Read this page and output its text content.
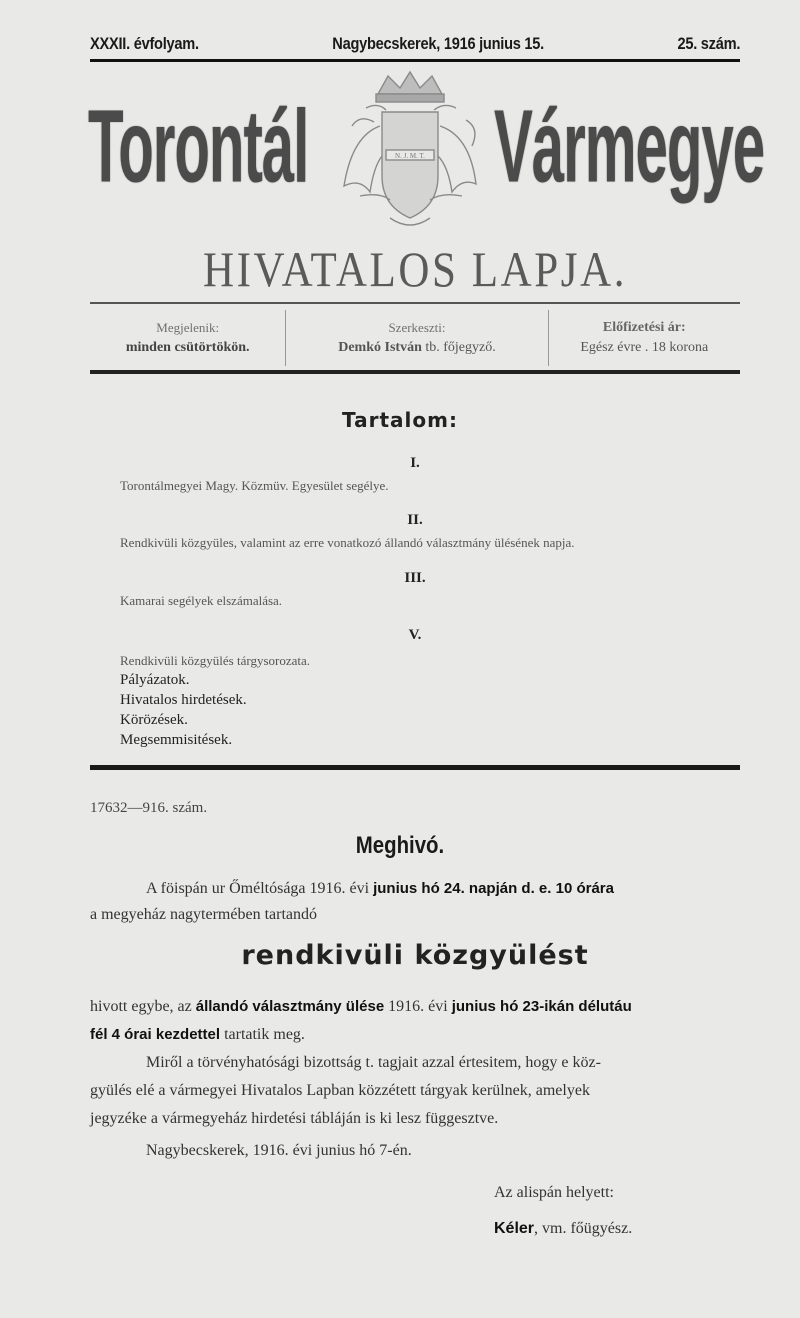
XXXII. évfolyam.	Nagybecskerek, 1916 junius 15.	25. szám.
Torontál Vármegye
N. J. M. T.
HIVATALOS LAPJA.
Megjelenik:
minden csütörtökön.
Szerkeszti:
Demkó István tb. főjegyző.
Előfizetési ár:
Egész évre . 18 korona
Tartalom:
I.
Torontálmegyei Magy. Közmüv. Egyesület segélye.
II.
Rendkivüli közgyüles, valamint az erre vonatkozó állandó választmány ülésének napja.
III.
Kamarai segélyek elszámalása.
V.
Rendkivüli közgyülés tárgysorozata.
Pályázatok.
Hivatalos hirdetések.
Körözések.
Megsemmisitések.
17632—916. szám.
Meghivó.
A föispán ur Őméltósága 1916. évi junius hó 24. napján d. e. 10 órára
a megyeház nagytermében tartandó
rendkivüli közgyülést
hivott egybe, az állandó választmány ülése 1916. évi junius hó 23-ikán délutáu
fél 4 órai kezdettel tartatik meg.
Miről a törvényhatósági bizottság t. tagjait azzal értesitem, hogy e köz-
gyülés elé a vármegyei Hivatalos Lapban közzétett tárgyak kerülnek, amelyek
jegyzéke a vármegyeház hirdetési tábláján is ki lesz függesztve.
Nagybecskerek, 1916. évi junius hó 7-én.
Az alispán helyett:
Kéler, vm. főügyész.
